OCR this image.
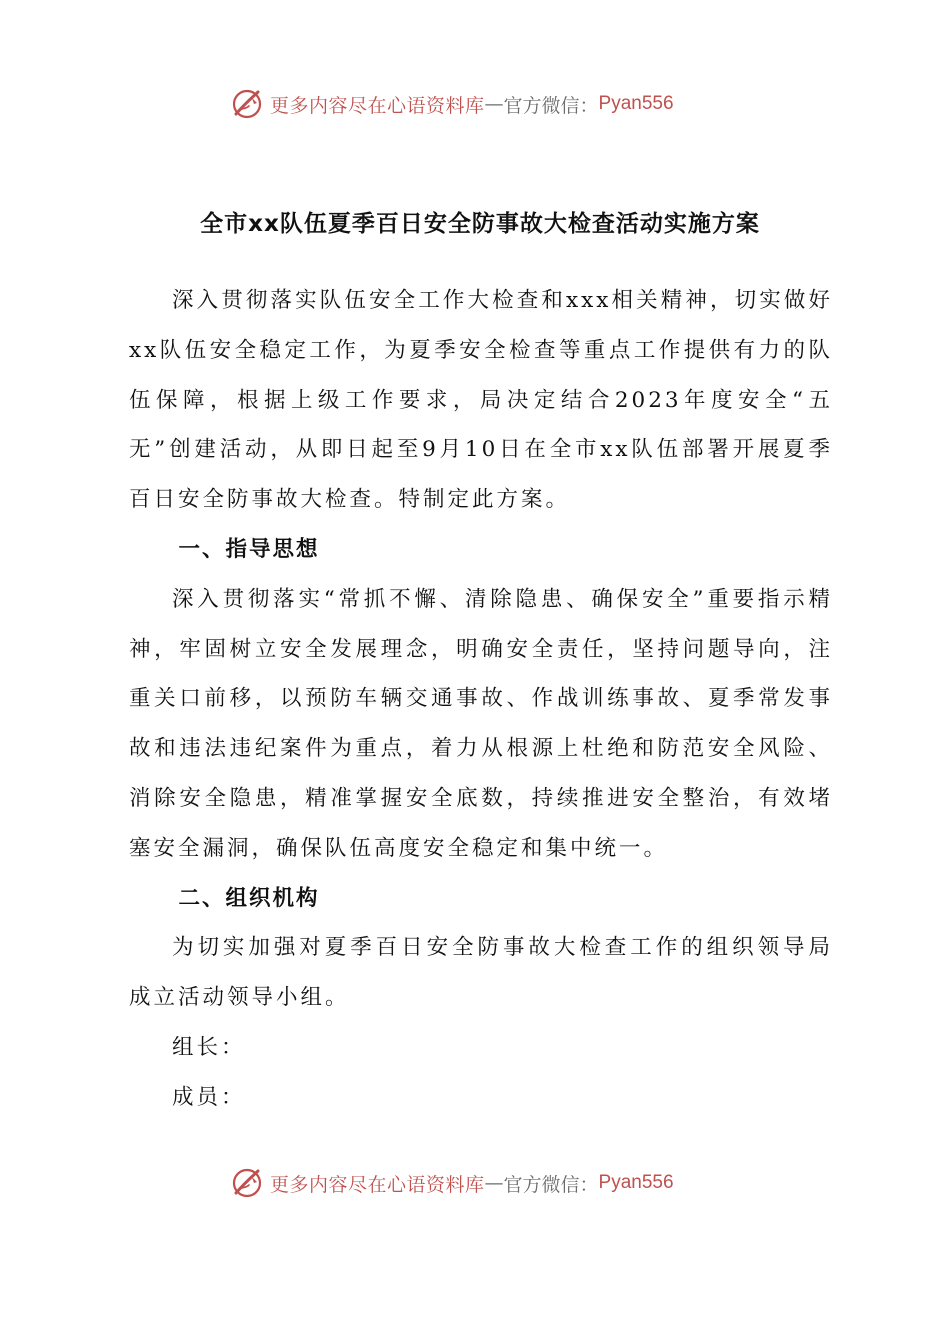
更多内容尽在心语资料库 — 官方微信： Pyan556
全市xx队伍夏季百日安全防事故大检查活动实施方案

深入贯彻落实队伍安全工作大检查和xxx相关精神，切实做好xx队伍安全稳定工作，为夏季安全检查等重点工作提供有力的队伍保障，根据上级工作要求，局决定结合2023年度安全“五无”创建活动，从即日起至9月10日在全市xx队伍部署开展夏季百日安全防事故大检查。特制定此方案。

一、指导思想

深入贯彻落实“常抓不懈、清除隐患、确保安全”重要指示精神，牢固树立安全发展理念，明确安全责任，坚持问题导向，注重关口前移，以预防车辆交通事故、作战训练事故、夏季常发事故和违法违纪案件为重点，着力从根源上杜绝和防范安全风险、消除安全隐患，精准掌握安全底数，持续推进安全整治，有效堵塞安全漏洞，确保队伍高度安全稳定和集中统一。

二、组织机构

为切实加强对夏季百日安全防事故大检查工作的组织领导局成立活动领导小组。

组长：

成员：

更多内容尽在心语资料库 — 官方微信： Pyan556
